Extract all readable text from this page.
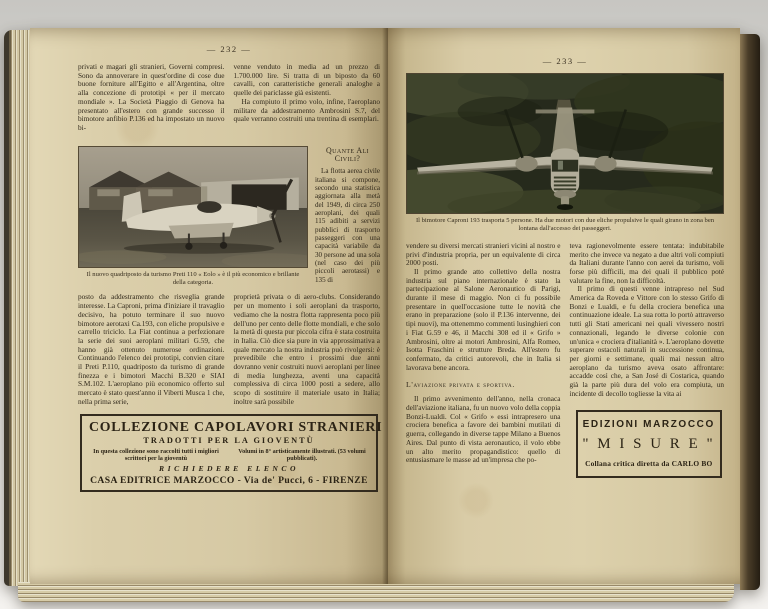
— 232 —

privati e magari gli stranieri, Governi compresi. Sono da annoverare in quest'ordine di cose due buone forniture all'Egitto e all'Argentina, oltre alla concezione di prototipi « per il mercato mondiale ». La Società Piaggio di Genova ha presentato all'estero con grande successo il bimotore anfibio P.136 ed ha impostato un nuovo bi-

venne venduto in media ad un prezzo di 1.700.000 lire. Si tratta di un biposto da 60 cavalli, con caratteristiche generali analoghe a quelle dei pariclasse già esistenti.

Ha compiuto il primo volo, infine, l'aeroplano militare da addestramento Ambrosini S.7, del quale verranno costruiti una trentina di esemplari.

Il nuovo quadriposto da turismo Preti 110 « Eolo » è il più economico e brillante della categoria.
Quante Ali Civili?

La flotta aerea civile italiana si compone, secondo una statistica aggiornata alla metà del 1949, di circa 250 aeroplani, dei quali 115 adibiti a servizi pubblici di trasporto passeggeri con una capacità variabile da 30 persone ad una sola (nel caso dei più piccoli aerotassi) e 135 di

posto da addestramento che risveglia grande interesse. La Caproni, prima d'iniziare il travaglio decisivo, ha potuto terminare il suo nuovo bimotore aerotaxi Ca.193, con eliche propulsive e carrello triciclo. La Fiat continua a perfezionare la serie dei suoi aeroplani militari G.59, che hanno già ottenuto numerose ordinazioni. Continuando l'elenco dei prototipi, convien citare il Preti P.110, quadriposto da turismo di grande finezza e i bimotori Macchi B.320 e SIAI S.M.102. L'aeroplano più economico offerto sul mercato è stato quest'anno il Viberti Musca 1 che, nella prima serie,

proprietà privata o di aero-clubs. Considerando per un momento i soli aeroplani da trasporto, vediamo che la nostra flotta rappresenta poco più dell'uno per cento delle flotte mondiali, e che solo la metà di questa pur piccola cifra è stata costruita in Italia. Ciò dice sia pure in via approssimativa a quale mercato la nostra industria può rivolgersi: è prevedibile che entro i prossimi due anni dovranno venir costruiti nuovi aeroplani per linee di media lunghezza, aventi una capacità complessiva di circa 1000 posti a sedere, allo scopo di sostituire il materiale usato in Italia; inoltre sarà possibile

COLLEZIONE CAPOLAVORI STRANIERI
TRADOTTI PER LA GIOVENTÙ
In questa collezione sono raccolti tutti i migliori scrittori per la gioventù
Volumi in 8° artisticamente illustrati. (53 volumi pubblicati).
RICHIEDERE ELENCO
CASA EDITRICE MARZOCCO - Via de' Pucci, 6 - FIRENZE
— 233 —
Il bimotore Caproni 193 trasporta 5 persone. Ha due motori con due eliche propulsive le quali girano in zona ben lontana dall'accesso dei passeggeri.

vendere su diversi mercati stranieri vicini al nostro e privi d'industria propria, per un equivalente di circa 2000 posti.

Il primo grande atto collettivo della nostra industria sul piano internazionale è stato la partecipazione al Salone Aeronautico di Parigi, durante il mese di maggio. Non ci fu possibile presentare in quell'occasione tutte le novità che erano in preparazione (solo il P.136 intervenne, dei tipi nuovi), ma ottenemmo commenti lusinghieri con i Fiat G.59 e 46, il Macchi 308 ed il « Grifo » Ambrosini, oltre ai motori Ambrosini, Alfa Romeo, Isotta Fraschini e strutture Breda. All'estero fu confermato, da critici autorevoli, che in Italia si lavorava bene ancora.

L'aviazione privata e sportiva.

Il primo avvenimento dell'anno, nella cronaca dell'aviazione italiana, fu un nuovo volo della coppia Bonzi-Lualdi. Col « Grifo » essi intrapresero una crociera benefica a favore dei bambini mutilati di guerra, collegando in diverse tappe Milano a Buenos Aires. Dal punto di vista aeronautico, il volo ebbe un alto merito propagandistico: quello di entusiasmare le masse ad un'impresa che po-

teva ragionevolmente essere tentata: indubitabile merito che invece va negato a due altri voli compiuti da Italiani durante l'anno con aerei da turismo, voli forse più difficili, ma dei quali il pubblico poté valutare la fine, non la difficoltà.

Il primo di questi venne intrapreso nel Sud America da Roveda e Vittore con lo stesso Grifo di Bonzi e Lualdi, e fu della crociera benefica una continuazione ideale. La sua rotta lo portò attraverso tutti gli Stati americani nei quali vivessero nostri connazionali, legando le diverse colonie con un'unica « crociera d'italianità ». L'aeroplano dovette superare ostacoli naturali in successione continua, per giorni e settimane, quali mai nessun altro aeroplano da turismo aveva osato affrontare: accadde così che, a San José di Costarica, quando già la parte più dura del volo era compiuta, un incidente di decollo togliesse la vita ai

EDIZIONI MARZOCCO
" M I S U R E "
Collana critica diretta da CARLO BO
